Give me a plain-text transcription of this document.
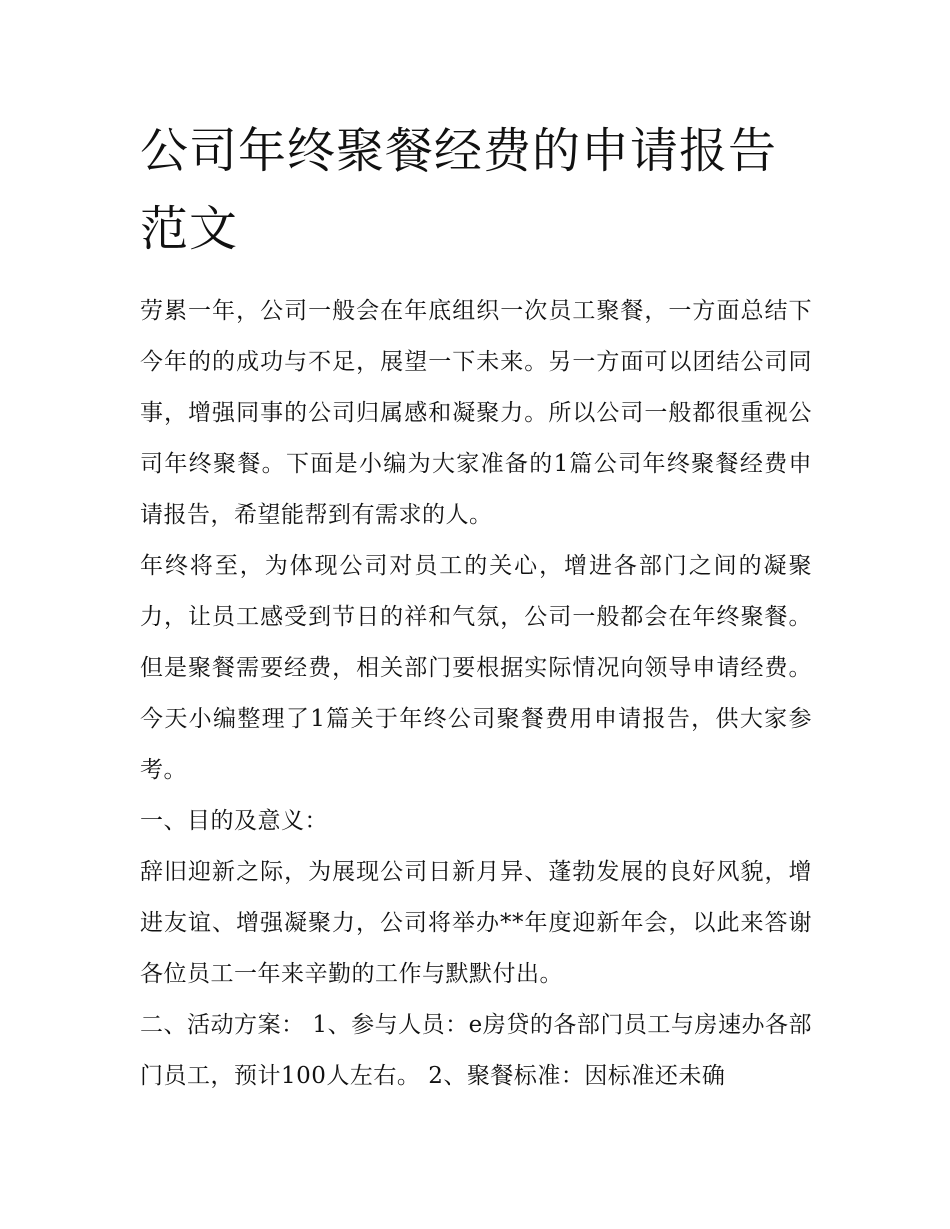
公司年终聚餐经费的申请报告范文

劳累一年，公司一般会在年底组织一次员工聚餐，一方面总结下今年的的成功与不足，展望一下未来。另一方面可以团结公司同事，增强同事的公司归属感和凝聚力。所以公司一般都很重视公司年终聚餐。下面是小编为大家准备的1篇公司年终聚餐经费申请报告，希望能帮到有需求的人。

年终将至，为体现公司对员工的关心，增进各部门之间的凝聚力，让员工感受到节日的祥和气氛，公司一般都会在年终聚餐。但是聚餐需要经费，相关部门要根据实际情况向领导申请经费。今天小编整理了1篇关于年终公司聚餐费用申请报告，供大家参考。

一、目的及意义：

辞旧迎新之际，为展现公司日新月异、蓬勃发展的良好风貌，增进友谊、增强凝聚力，公司将举办**年度迎新年会，以此来答谢各位员工一年来辛勤的工作与默默付出。

二、活动方案： 1、参与人员：e房贷的各部门员工与房速办各部门员工，预计100人左右。 2、聚餐标准：因标准还未确
